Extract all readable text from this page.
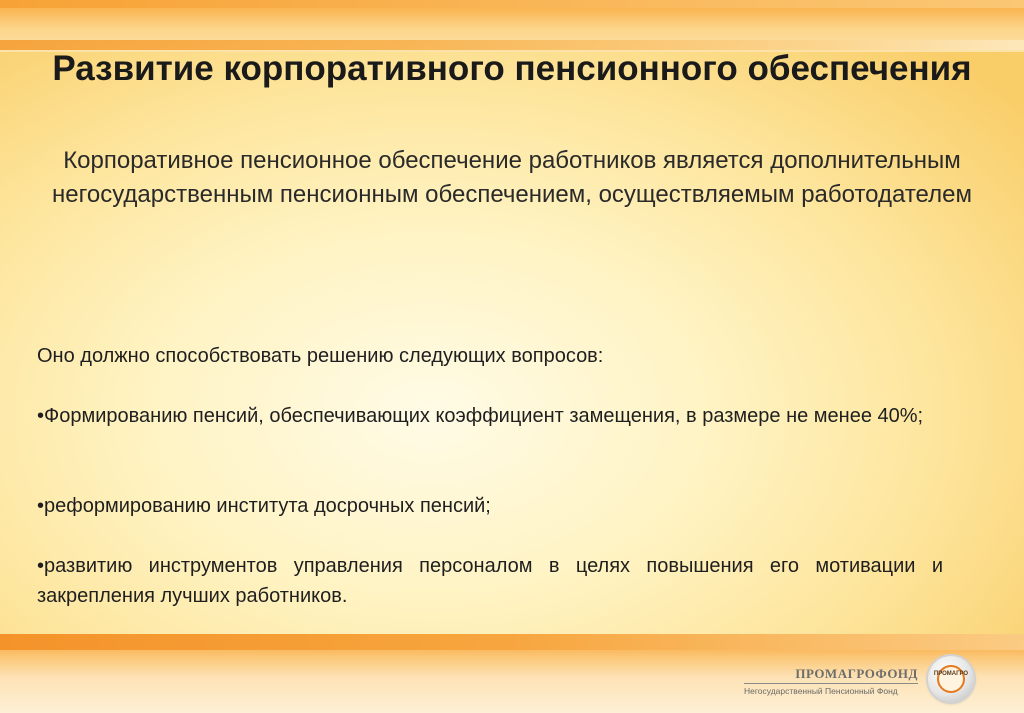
Развитие корпоративного пенсионного обеспечения
Корпоративное пенсионное обеспечение работников является дополнительным негосударственным пенсионным обеспечением, осуществляемым работодателем
Оно должно способствовать решению следующих вопросов:
•Формированию пенсий, обеспечивающих коэффициент замещения, в размере не менее 40%;
•реформированию института досрочных пенсий;
•развитию инструментов управления персоналом в целях повышения его мотивации и закрепления лучших работников.
ПРОМАГРОФОНД
Негосударственный Пенсионный Фонд
ПРОМАГРО
